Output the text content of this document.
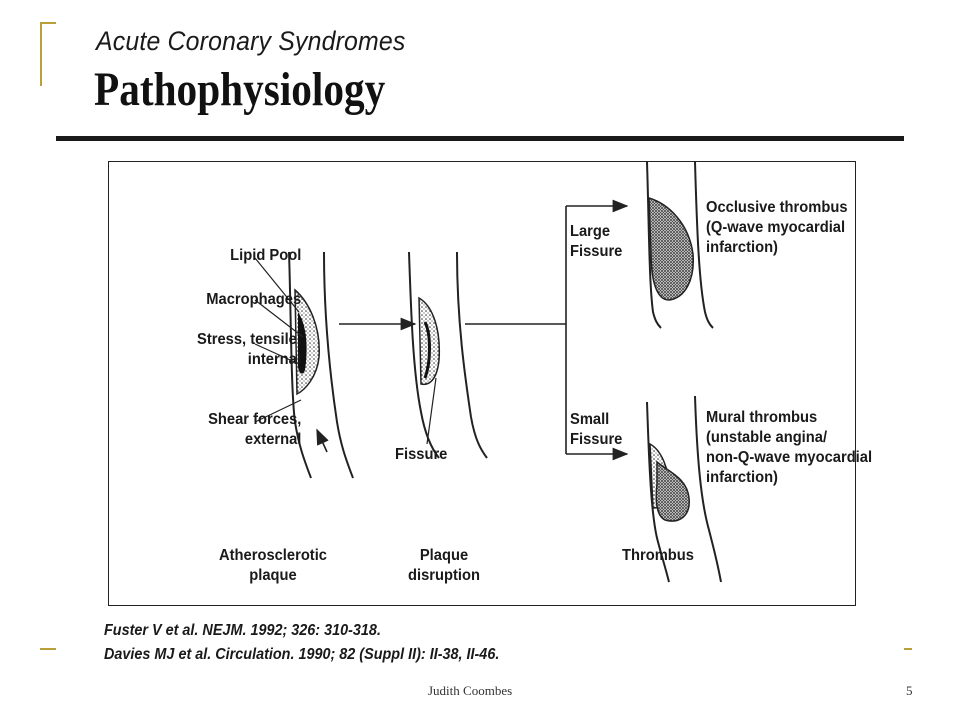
Acute Coronary Syndromes
Pathophysiology
Lipid Pool
Macrophages
Stress, tensile,
internal
Shear forces,
external
Fissure
Large
Fissure
Small
Fissure
Occlusive thrombus
(Q-wave myocardial
infarction)
Mural thrombus
(unstable angina/
non-Q-wave myocardial
infarction)
Atherosclerotic
plaque
Plaque
disruption
Thrombus
Fuster V et al. NEJM. 1992; 326: 310-318.
Davies MJ et al. Circulation. 1990; 82 (Suppl II): II-38, II-46.
Judith Coombes	5
